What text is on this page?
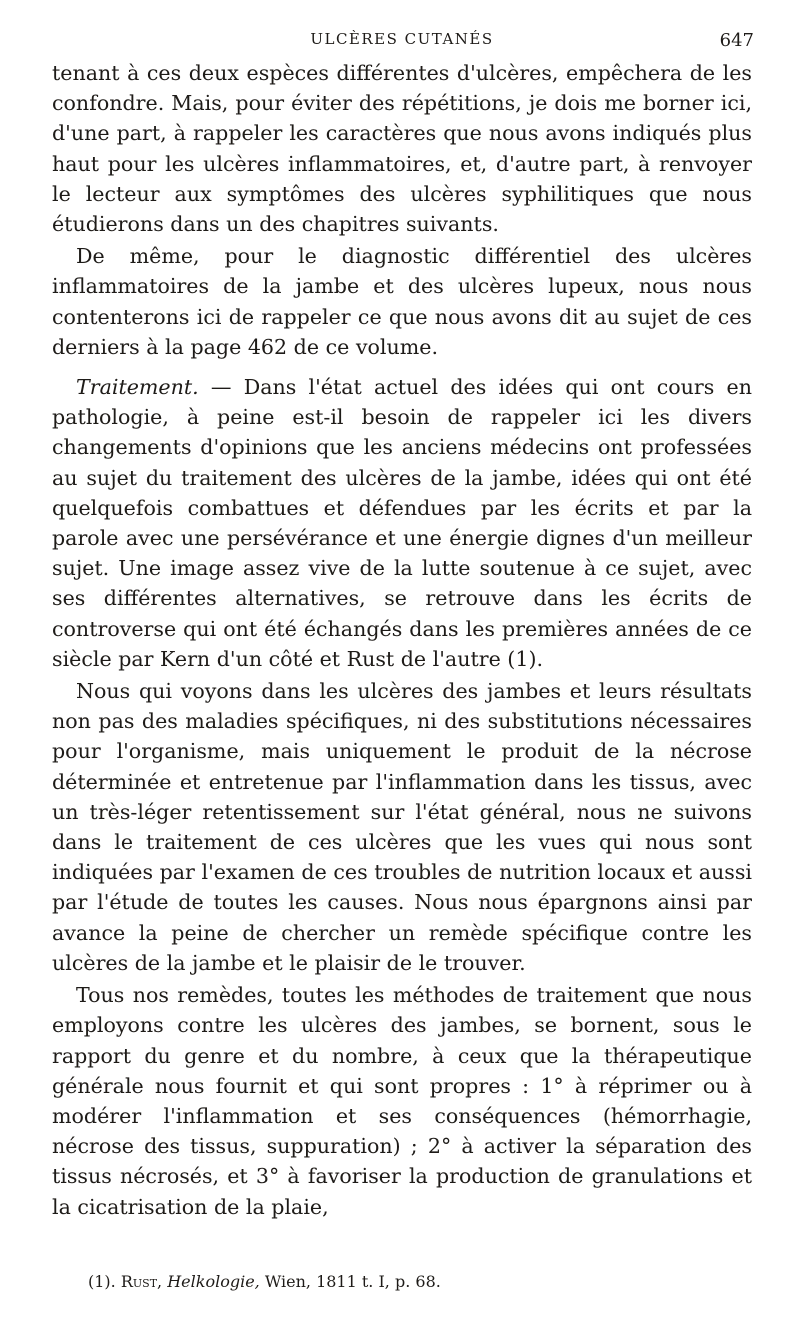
ULCÈRES CUTANÉS	647

tenant à ces deux espèces différentes d'ulcères, empêchera de les confondre. Mais, pour éviter des répétitions, je dois me borner ici, d'une part, à rappeler les caractères que nous avons indiqués plus haut pour les ulcères inflammatoires, et, d'autre part, à renvoyer le lecteur aux symptômes des ulcères syphilitiques que nous étudierons dans un des chapitres suivants.

De même, pour le diagnostic différentiel des ulcères inflammatoires de la jambe et des ulcères lupeux, nous nous contenterons ici de rappeler ce que nous avons dit au sujet de ces derniers à la page 462 de ce volume.

Traitement. — Dans l'état actuel des idées qui ont cours en pathologie, à peine est-il besoin de rappeler ici les divers changements d'opinions que les anciens médecins ont professées au sujet du traitement des ulcères de la jambe, idées qui ont été quelquefois combattues et défendues par les écrits et par la parole avec une persévérance et une énergie dignes d'un meilleur sujet. Une image assez vive de la lutte soutenue à ce sujet, avec ses différentes alternatives, se retrouve dans les écrits de controverse qui ont été échangés dans les premières années de ce siècle par Kern d'un côté et Rust de l'autre (1).

Nous qui voyons dans les ulcères des jambes et leurs résultats non pas des maladies spécifiques, ni des substitutions nécessaires pour l'organisme, mais uniquement le produit de la nécrose déterminée et entretenue par l'inflammation dans les tissus, avec un très-léger retentissement sur l'état général, nous ne suivons dans le traitement de ces ulcères que les vues qui nous sont indiquées par l'examen de ces troubles de nutrition locaux et aussi par l'étude de toutes les causes. Nous nous épargnons ainsi par avance la peine de chercher un remède spécifique contre les ulcères de la jambe et le plaisir de le trouver.

Tous nos remèdes, toutes les méthodes de traitement que nous employons contre les ulcères des jambes, se bornent, sous le rapport du genre et du nombre, à ceux que la thérapeutique générale nous fournit et qui sont propres : 1° à réprimer ou à modérer l'inflammation et ses conséquences (hémorrhagie, nécrose des tissus, suppuration) ; 2° à activer la séparation des tissus nécrosés, et 3° à favoriser la production de granulations et la cicatrisation de la plaie,

(1). Rust, Helkologie, Wien, 1811 t. I, p. 68.
